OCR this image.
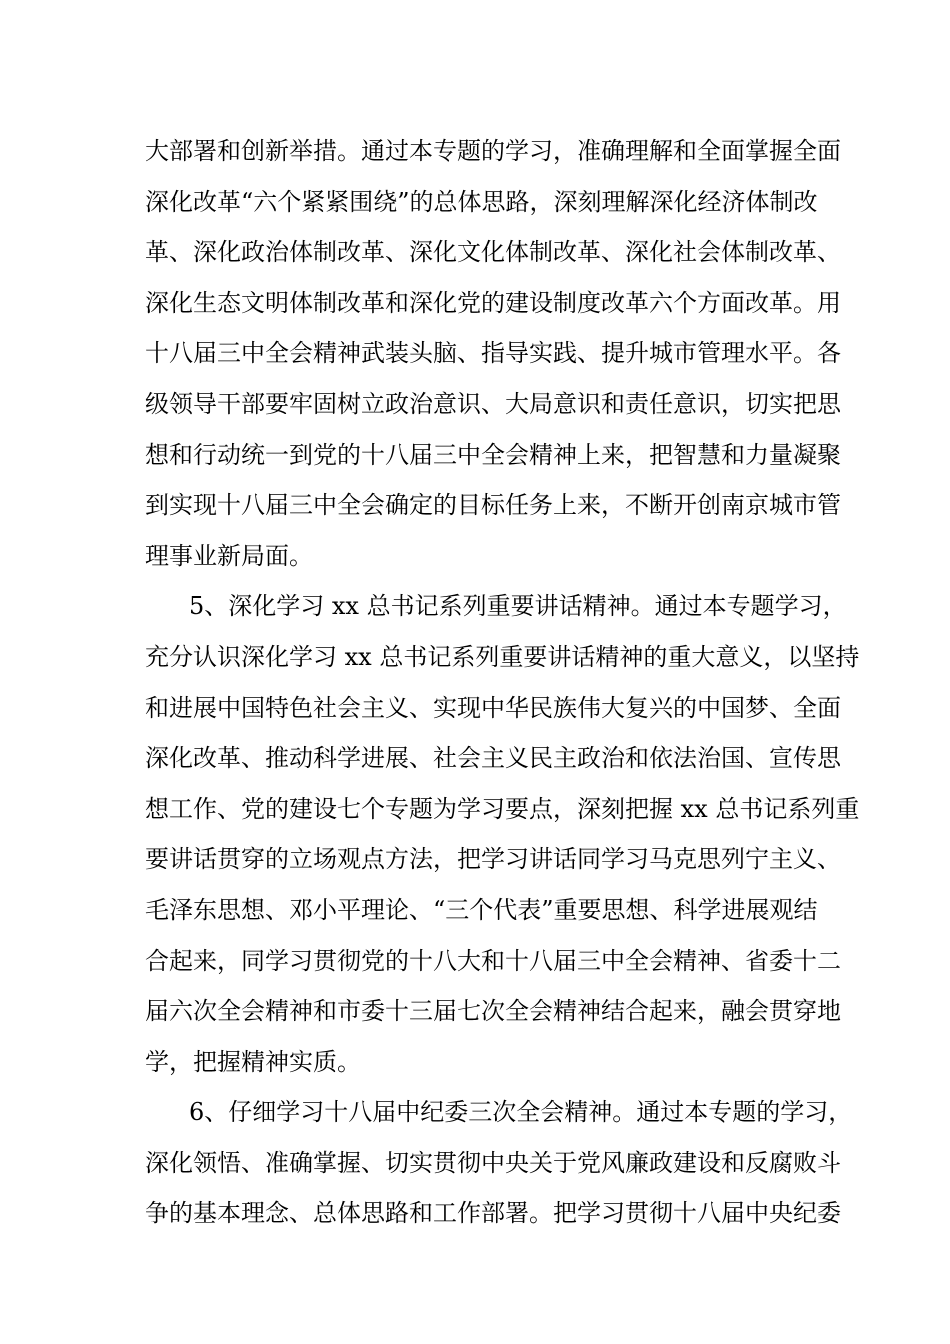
大部署和创新举措。通过本专题的学习，准确理解和全面掌握全面
深化改革“六个紧紧围绕”的总体思路，深刻理解深化经济体制改
革、深化政治体制改革、深化文化体制改革、深化社会体制改革、
深化生态文明体制改革和深化党的建设制度改革六个方面改革。用
十八届三中全会精神武装头脑、指导实践、提升城市管理水平。各
级领导干部要牢固树立政治意识、大局意识和责任意识，切实把思
想和行动统一到党的十八届三中全会精神上来，把智慧和力量凝聚
到实现十八届三中全会确定的目标任务上来，不断开创南京城市管
理事业新局面。
5、深化学习 xx 总书记系列重要讲话精神。通过本专题学习，
充分认识深化学习 xx 总书记系列重要讲话精神的重大意义，以坚持
和进展中国特色社会主义、实现中华民族伟大复兴的中国梦、全面
深化改革、推动科学进展、社会主义民主政治和依法治国、宣传思
想工作、党的建设七个专题为学习要点，深刻把握 xx 总书记系列重
要讲话贯穿的立场观点方法，把学习讲话同学习马克思列宁主义、
毛泽东思想、邓小平理论、“三个代表”重要思想、科学进展观结
合起来，同学习贯彻党的十八大和十八届三中全会精神、省委十二
届六次全会精神和市委十三届七次全会精神结合起来，融会贯穿地
学，把握精神实质。
6、仔细学习十八届中纪委三次全会精神。通过本专题的学习，
深化领悟、准确掌握、切实贯彻中央关于党风廉政建设和反腐败斗
争的基本理念、总体思路和工作部署。把学习贯彻十八届中央纪委
